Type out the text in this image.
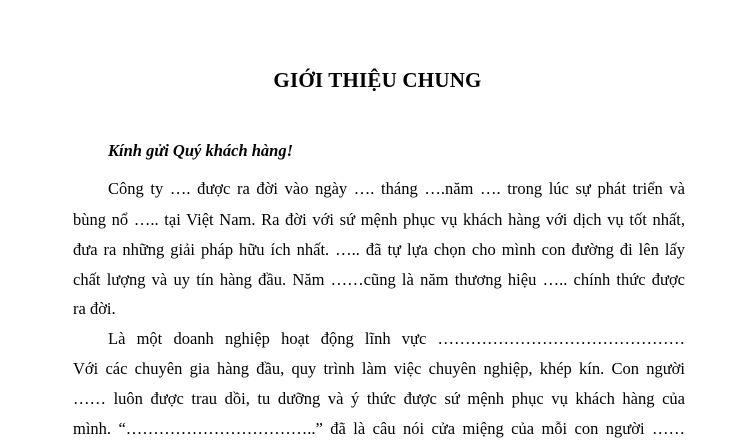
GIỚI THIỆU CHUNG
Kính gửi Quý khách hàng!
Công ty …. được ra đời vào ngày …. tháng ….năm …. trong lúc sự phát triển và
bùng nổ ….. tại Việt Nam. Ra đời với sứ mệnh phục vụ khách hàng với dịch vụ tốt nhất,
đưa ra những giải pháp hữu ích nhất. ….. đã tự lựa chọn cho mình con đường đi lên lấy
chất lượng và uy tín hàng đầu. Năm ……cũng là năm thương hiệu ….. chính thức được
ra đời.
Là một doanh nghiệp hoạt động lĩnh vực ………………………………………
Với các chuyên gia hàng đầu, quy trình làm việc chuyên nghiệp, khép kín. Con người
…… luôn được trau dồi, tu dưỡng và ý thức được sứ mệnh phục vụ khách hàng của
mình. “……………………………..” đã là câu nói cửa miệng của mỗi con người ……
